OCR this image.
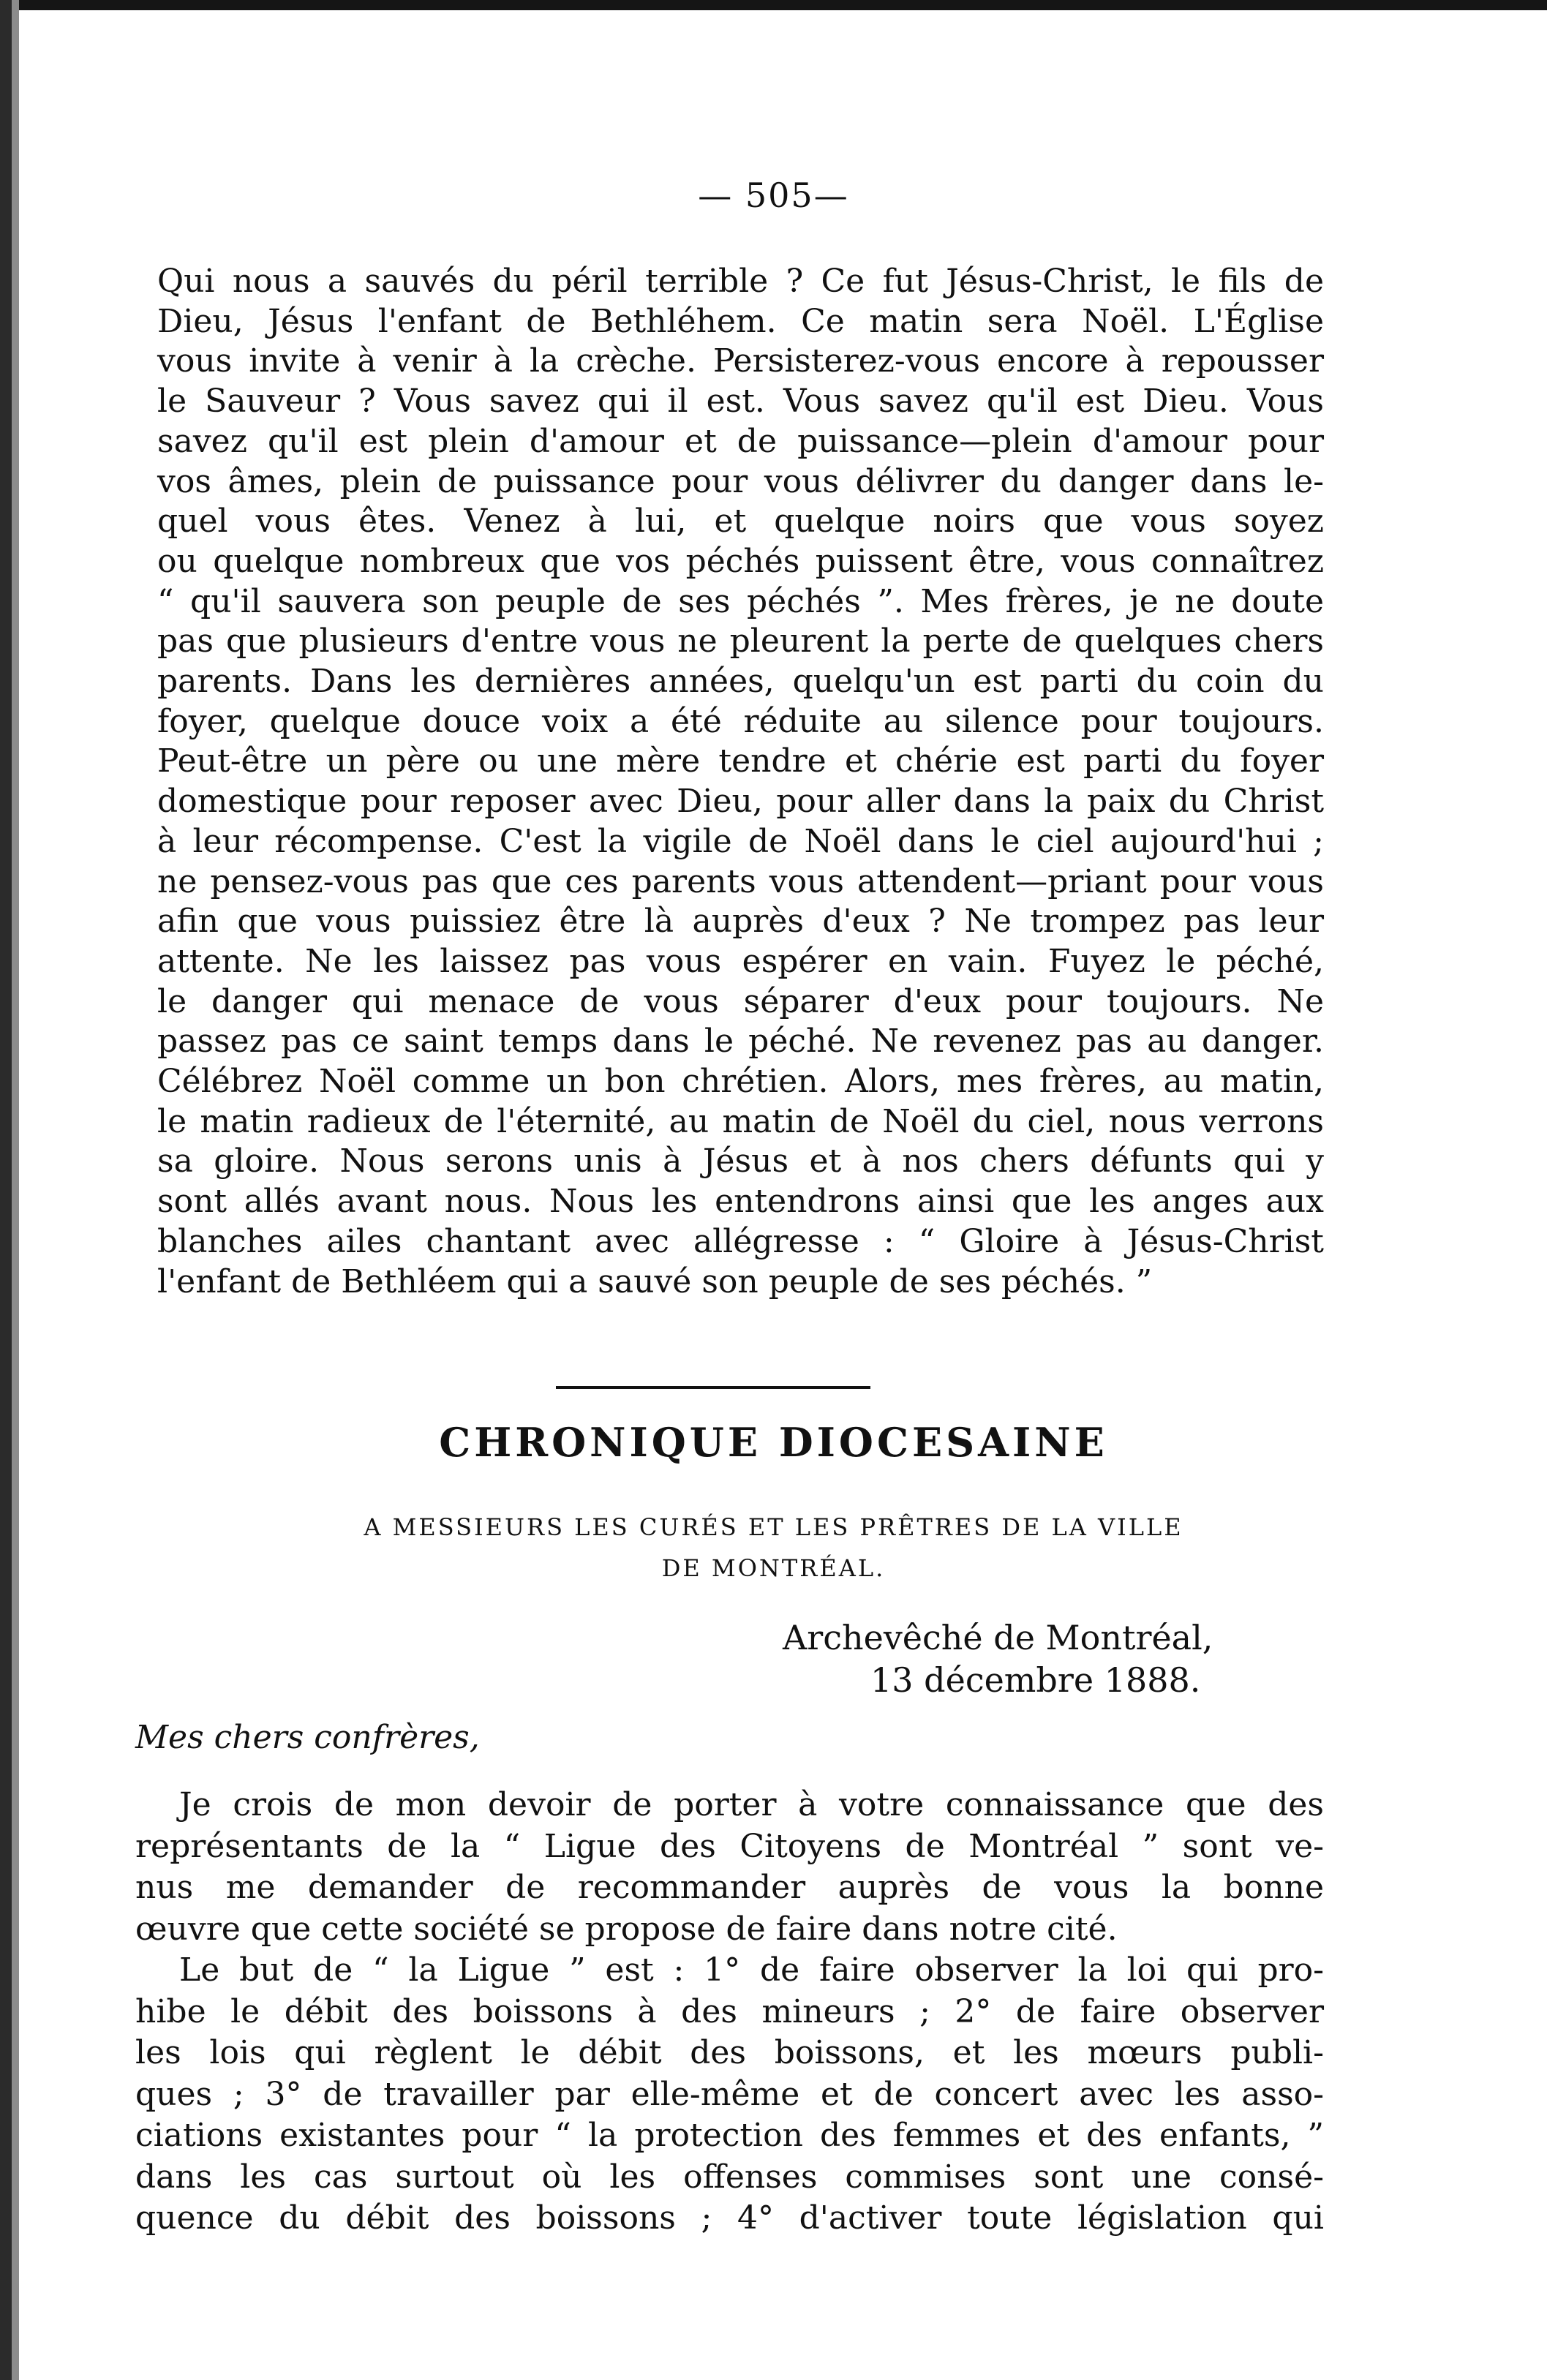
— 505—

Qui nous a sauvés du péril terrible ? Ce fut Jésus-Christ, le fils de
Dieu, Jésus l'enfant de Bethléhem. Ce matin sera Noël. L'Église
vous invite à venir à la crèche. Persisterez-vous encore à repousser
le Sauveur ? Vous savez qui il est. Vous savez qu'il est Dieu. Vous
savez qu'il est plein d'amour et de puissance—plein d'amour pour
vos âmes, plein de puissance pour vous délivrer du danger dans le-
quel vous êtes. Venez à lui, et quelque noirs que vous soyez
ou quelque nombreux que vos péchés puissent être, vous connaîtrez
“ qu'il sauvera son peuple de ses péchés ”. Mes frères, je ne doute
pas que plusieurs d'entre vous ne pleurent la perte de quelques chers
parents. Dans les dernières années, quelqu'un est parti du coin du
foyer, quelque douce voix a été réduite au silence pour toujours.
Peut-être un père ou une mère tendre et chérie est parti du foyer
domestique pour reposer avec Dieu, pour aller dans la paix du Christ
à leur récompense. C'est la vigile de Noël dans le ciel aujourd'hui ;
ne pensez-vous pas que ces parents vous attendent—priant pour vous
afin que vous puissiez être là auprès d'eux ? Ne trompez pas leur
attente. Ne les laissez pas vous espérer en vain. Fuyez le péché,
le danger qui menace de vous séparer d'eux pour toujours. Ne
passez pas ce saint temps dans le péché. Ne revenez pas au danger.
Célébrez Noël comme un bon chrétien. Alors, mes frères, au matin,
le matin radieux de l'éternité, au matin de Noël du ciel, nous verrons
sa gloire. Nous serons unis à Jésus et à nos chers défunts qui y
sont allés avant nous. Nous les entendrons ainsi que les anges aux
blanches ailes chantant avec allégresse : “ Gloire à Jésus-Christ
l'enfant de Bethléem qui a sauvé son peuple de ses péchés. ”

CHRONIQUE DIOCESAINE
A MESSIEURS LES CURÉS ET LES PRÊTRES DE LA VILLE
DE MONTRÉAL.
Archevêché de Montréal,
13 décembre 1888.
Mes chers confrères,

Je crois de mon devoir de porter à votre connaissance que des
représentants de la “ Ligue des Citoyens de Montréal ” sont ve-
nus me demander de recommander auprès de vous la bonne
œuvre que cette société se propose de faire dans notre cité.
Le but de “ la Ligue ” est : 1° de faire observer la loi qui pro-
hibe le débit des boissons à des mineurs ; 2° de faire observer
les lois qui règlent le débit des boissons, et les mœurs publi-
ques ; 3° de travailler par elle-même et de concert avec les asso-
ciations existantes pour “ la protection des femmes et des enfants, ”
dans les cas surtout où les offenses commises sont une consé-
quence du débit des boissons ; 4° d'activer toute législation qui
